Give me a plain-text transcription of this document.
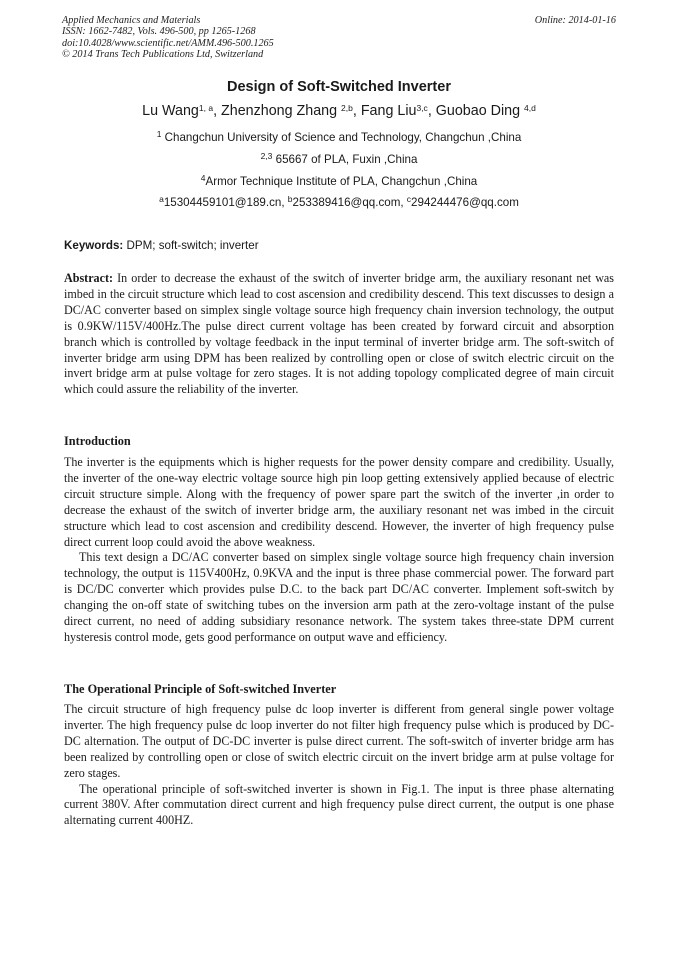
Applied Mechanics and Materials
ISSN: 1662-7482, Vols. 496-500, pp 1265-1268
doi:10.4028/www.scientific.net/AMM.496-500.1265
© 2014 Trans Tech Publications Ltd, Switzerland
Online: 2014-01-16
Design of Soft-Switched Inverter
Lu Wang$^{1, a}$, Zhenzhong Zhang $^{2,b}$, Fang Liu$^{3,c}$, Guobao Ding $^{4,d}$
$^1$ Changchun University of Science and Technology, Changchun ,China
$^{2,3}$ 65667 of PLA, Fuxin ,China
$^4$Armor Technique Institute of PLA, Changchun ,China
$^a$15304459101@189.cn, $^b$253389416@qq.com, $^c$294244476@qq.com
Keywords: DPM; soft-switch; inverter

Abstract: In order to decrease the exhaust of the switch of inverter bridge arm, the auxiliary resonant net was imbed in the circuit structure which lead to cost ascension and credibility descend. This text discusses to design a DC/AC converter based on simplex single voltage source high frequency chain inversion technology, the output is 0.9KW/115V/400Hz.The pulse direct current voltage has been created by forward circuit and absorption branch which is controlled by voltage feedback in the input terminal of inverter bridge arm. The soft-switch of inverter bridge arm using DPM has been realized by controlling open or close of switch electric circuit on the invert bridge arm at pulse voltage for zero stages. It is not adding topology complicated degree of main circuit which could assure the reliability of the inverter.

Introduction

The inverter is the equipments which is higher requests for the power density compare and credibility. Usually, the inverter of the one-way electric voltage source high pin loop getting extensively applied because of electric circuit structure simple. Along with the frequency of power spare part the switch of the inverter ,in order to decrease the exhaust of the switch of inverter bridge arm, the auxiliary resonant net was imbed in the circuit structure which lead to cost ascension and credibility descend. However, the inverter of high frequency pulse direct current loop could avoid the above weakness.

This text design a DC/AC converter based on simplex single voltage source high frequency chain inversion technology, the output is 115V400Hz, 0.9KVA and the input is three phase commercial power. The forward part is DC/DC converter which provides pulse D.C. to the back part DC/AC converter. Implement soft-switch by changing the on-off state of switching tubes on the inversion arm path at the zero-voltage instant of the pulse direct current, no need of adding subsidiary resonance network. The system takes three-state DPM current hysteresis control mode, gets good performance on output wave and efficiency.

The Operational Principle of Soft-switched Inverter

The circuit structure of high frequency pulse dc loop inverter is different from general single power voltage inverter. The high frequency pulse dc loop inverter do not filter high frequency pulse which is produced by DC-DC alternation. The output of DC-DC inverter is pulse direct current. The soft-switch of inverter bridge arm has been realized by controlling open or close of switch electric circuit on the invert bridge arm at pulse voltage for zero stages.

The operational principle of soft-switched inverter is shown in Fig.1. The input is three phase alternating current 380V. After commutation direct current and high frequency pulse direct current, the output is one phase alternating current 400HZ.
